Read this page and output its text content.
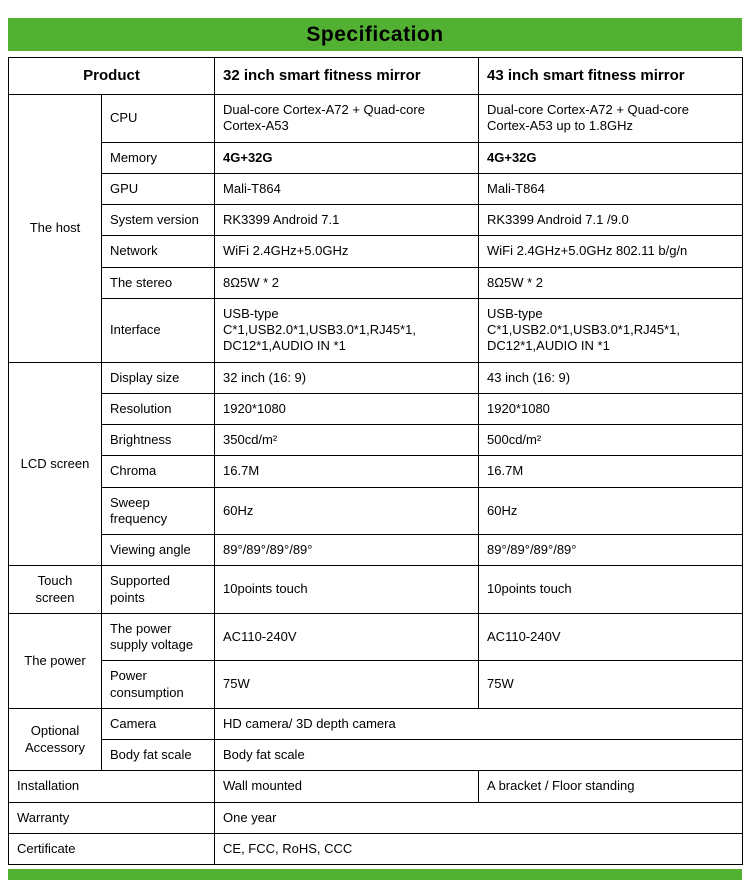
Specification
Product		32 inch smart fitness mirror	43 inch smart fitness mirror
The host	CPU	Dual-core Cortex-A72 + Quad-core Cortex-A53	Dual-core Cortex-A72 + Quad-core Cortex-A53 up to 1.8GHz
	Memory	4G+32G	4G+32G
	GPU	Mali-T864	Mali-T864
	System version	RK3399 Android 7.1	RK3399 Android 7.1 /9.0
	Network	WiFi 2.4GHz+5.0GHz	WiFi 2.4GHz+5.0GHz 802.11 b/g/n
	The stereo	8Ω5W * 2	8Ω5W * 2
	Interface	USB-type C*1,USB2.0*1,USB3.0*1,RJ45*1, DC12*1,AUDIO IN *1	USB-type C*1,USB2.0*1,USB3.0*1,RJ45*1, DC12*1,AUDIO IN *1
LCD screen	Display size	32 inch (16: 9)	43 inch (16: 9)
	Resolution	1920*1080	1920*1080
	Brightness	350cd/m²	500cd/m²
	Chroma	16.7M	16.7M
	Sweep frequency	60Hz	60Hz
	Viewing angle	89°/89°/89°/89°	89°/89°/89°/89°
Touch screen	Supported points	10points touch	10points touch
The power	The power supply voltage	AC110-240V	AC110-240V
	Power consumption	75W	75W
Optional Accessory	Camera	HD camera/ 3D depth camera	
	Body fat scale	Body fat scale	
Installation		Wall mounted	A bracket / Floor standing
Warranty		One year	
Certificate		CE, FCC, RoHS, CCC	
